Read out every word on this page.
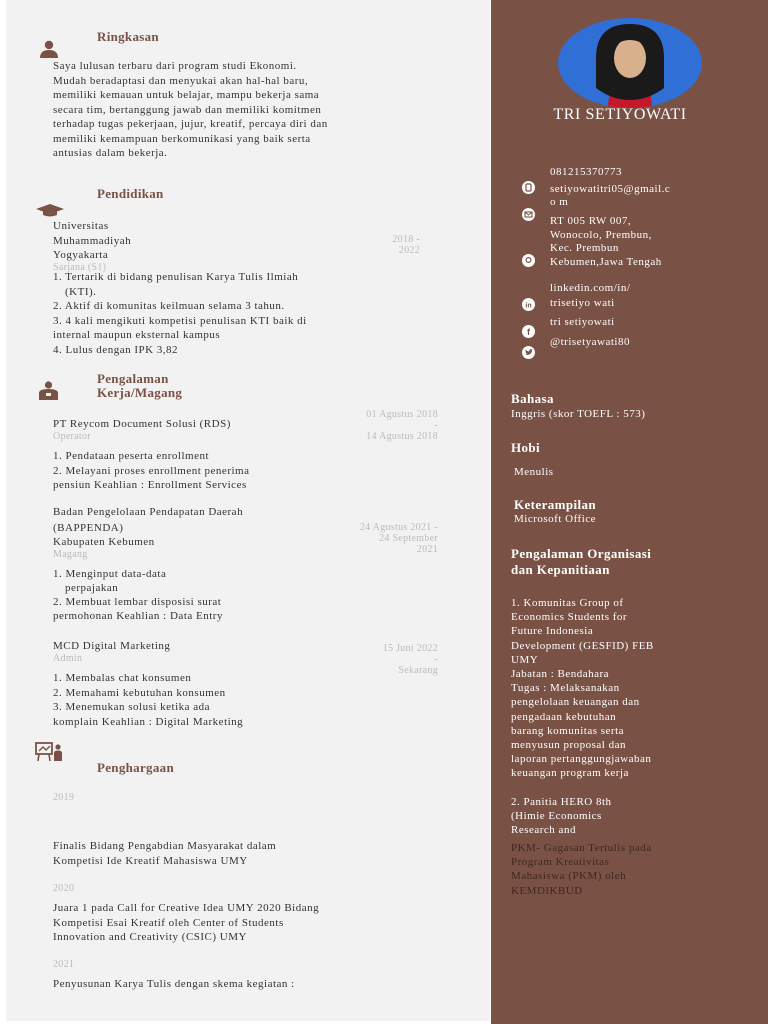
Ringkasan
Saya lulusan terbaru dari program studi Ekonomi.
Mudah beradaptasi dan menyukai akan hal-hal baru,
memiliki kemauan untuk belajar, mampu bekerja sama
secara tim, bertanggung jawab dan memiliki komitmen
terhadap tugas pekerjaan, jujur, kreatif, percaya diri dan
memiliki kemampuan berkomunikasi yang baik serta
antusias dalam bekerja.
Pendidikan
Universitas
Muhammadiyah
Yogyakarta
2018 -
2022
Sarjana (S1)
1. Tertarik di bidang penulisan Karya Tulis Ilmiah
(KTI).
2. Aktif di komunitas keilmuan selama 3 tahun.
3. 4 kali mengikuti kompetisi penulisan KTI baik di
internal maupun eksternal kampus
4. Lulus dengan IPK 3,82
Pengalaman
Kerja/Magang
PT Reycom Document Solusi (RDS)
Operator
01 Agustus 2018
-
14 Agustus 2018
1. Pendataan peserta enrollment
2. Melayani proses enrollment penerima
pensiun Keahlian : Enrollment Services
Badan Pengelolaan Pendapatan Daerah
(BAPPENDA)
Kabupaten Kebumen
Magang
24 Agustus 2021 -
24 September
2021
1. Menginput data-data
perpajakan
2. Membuat lembar disposisi surat
permohonan Keahlian : Data Entry
MCD Digital Marketing
Admin
15 Juni 2022
-
Sekarang
1. Membalas chat konsumen
2. Memahami kebutuhan konsumen
3. Menemukan solusi ketika ada
komplain Keahlian : Digital Marketing
Penghargaan
2019
Finalis Bidang Pengabdian Masyarakat dalam
Kompetisi Ide Kreatif Mahasiswa UMY
2020
Juara 1 pada Call for Creative Idea UMY 2020 Bidang
Kompetisi Esai Kreatif oleh Center of Students
Innovation and Creativity (CSIC) UMY
2021
Penyusunan Karya Tulis dengan skema kegiatan :
TRI SETIYOWATI
081215370773
setiyowatitri05@gmail.c
o m
RT 005 RW 007,
Wonocolo, Prembun,
Kec. Prembun
Kebumen,Jawa Tengah
linkedin.com/in/
trisetiyo wati
in
tri setiyowati
f
@trisetyawati80
Bahasa
Inggris (skor TOEFL : 573)
Hobi
Menulis
Keterampilan
Microsoft Office
Pengalaman Organisasi
dan Kepanitiaan
1. Komunitas Group of
Economics Students for
Future Indonesia
Development (GESFID) FEB
UMY
Jabatan : Bendahara
Tugas : Melaksanakan
pengelolaan keuangan dan
pengadaan kebutuhan
barang komunitas serta
menyusun proposal dan
laporan pertanggungjawaban
keuangan program kerja
2. Panitia HERO 8th
(Himie Economics
Research and
PKM- Gagasan Tertulis pada
Program Kreativitas
Mahasiswa (PKM) oleh
KEMDIKBUD
